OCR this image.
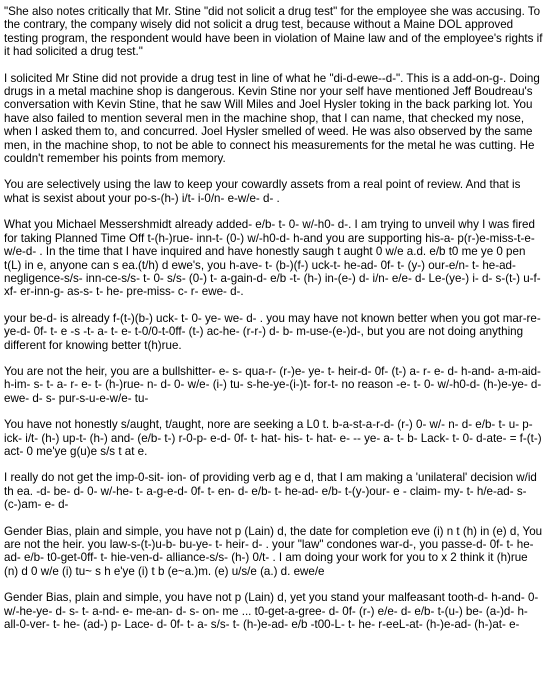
"She also notes critically that Mr. Stine "did not solicit a drug test" for the employee she was accusing. To the contrary, the company wisely did not solicit a drug test, because without a Maine DOL approved testing program, the respondent would have been in violation of Maine law and of the employee's rights if it had solicited a drug test."

I solicited Mr Stine did not provide a drug test in line of what he "di-d-ewe--d-". This is a add-on-g-. Doing drugs in a metal machine shop is dangerous. Kevin Stine nor your self have mentioned Jeff Boudreau's conversation with Kevin Stine, that he saw Will Miles and Joel Hysler toking in the back parking lot. You have also failed to mention several men in the machine shop, that I can name, that checked my nose, when I asked them to, and concurred. Joel Hysler smelled of weed. He was also observed by the same men, in the machine shop, to not be able to connect his measurements for the metal he was cutting. He couldn't remember his points from memory.

You are selectively using the law to keep your cowardly assets from a real point of review. And that is what is sexist about your po-s-(h-) i/t- i-0/n- e-w/e- d- .

What you Michael Messershmidt already added- e/b- t- 0- w/-h0- d-. I am trying to unveil why I was fired for taking Planned Time Off t-(h-)rue- inn-t- (0-) w/-h0-d- h-and you are supporting his-a- p(r-)e-miss-t-e-w/e-d- . In the time that I have inquired and have honestly saugh t aught 0 w/e a.d. e/b t0 me ye 0 pen t(L) in e, anyone can s ea.(t/h) d ewe's, you h-ave- t- (b-)(f-) uck-t- he-ad- 0f- t- (y-) our-e/n- t- he-ad- negligence-s/s- inn-ce-s/s- t- 0- s/s- (0-) t- a-gain-d- e/b -t- (h-) in-(e-) d- i/n- e/e- d- Le-(ye-) i- d- s-(t-) u-f-xf- er-inn-g- as-s- t- he- pre-miss- c- r- ewe- d-.

your be-d- is already f-(t-)(b-) uck- t- 0- ye- we- d- . you may have not known better when you got mar-re-ye-d- 0f- t- e -s -t- a- t- e- t-0/0-t-0ff- (t-) ac-he- (r-r-) d- b- m-use-(e-)d-, but you are not doing anything different for knowing better t(h)rue.

You are not the heir, you are a bullshitter- e- s- qua-r- (r-)e- ye- t- heir-d- 0f- (t-) a- r- e- d- h-and- a-m-aid- h-im- s- t- a- r- e- t- (h-)rue- n- d- 0- w/e- (i-) tu- s-he-ye-(i-)t- for-t- no reason -e- t- 0- w/-h0-d- (h-)e-ye- d- ewe- d- s- pur-s-u-e-w/e- tu-

You have not honestly s/aught, t/aught, nore are seeking a L0 t. b-a-st-a-r-d- (r-) 0- w/- n- d- e/b- t- u- p- ick- i/t- (h-) up-t- (h-) and- (e/b- t-) r-0-p- e-d- 0f- t- hat- his- t- hat- e- -- ye- a- t- b- Lack- t- 0- d-ate- = f-(t-) act- 0 me'ye g(u)e s/s t at e.

I really do not get the imp-0-sit- ion- of providing verb ag e d, that I am making a 'unilateral' decision w/id th ea. -d- be- d- 0- w/-he- t- a-g-e-d- 0f- t- en- d- e/b- t- he-ad- e/b- t-(y-)our- e - claim- my- t- h/e-ad- s-(c-)am- e- d-

Gender Bias, plain and simple, you have not p (Lain) d, the date for completion eve (i) n t (h) in (e) d, You are not the heir. you law-s-(t-)u-b- bu-ye- t- heir- d- . your "law" condones war-d-, you passe-d- 0f- t- he-ad- e/b- t0-get-0ff- t- hie-ven-d- alliance-s/s- (h-) 0/t- . I am doing your work for you to x 2 think it (h)rue (n) d 0 w/e (i) tu~ s h e'ye (i) t b (e~a.)m. (e) u/s/e (a.) d. ewe/e

Gender Bias, plain and simple, you have not p (Lain) d, yet you stand your malfeasant tooth-d- h-and- 0- w/-he-ye- d- s- t- a-nd- e- me-an- d- s- on- me ... t0-get-a-gree- d- 0f- (r-) e/e- d- e/b- t-(u-) be- (a-)d- h- all-0-ver- t- he- (ad-) p- Lace- d- 0f- t- a- s/s- t- (h-)e-ad- e/b -t00-L- t- he- r-eeL-at- (h-)e-ad- (h-)at- e-
